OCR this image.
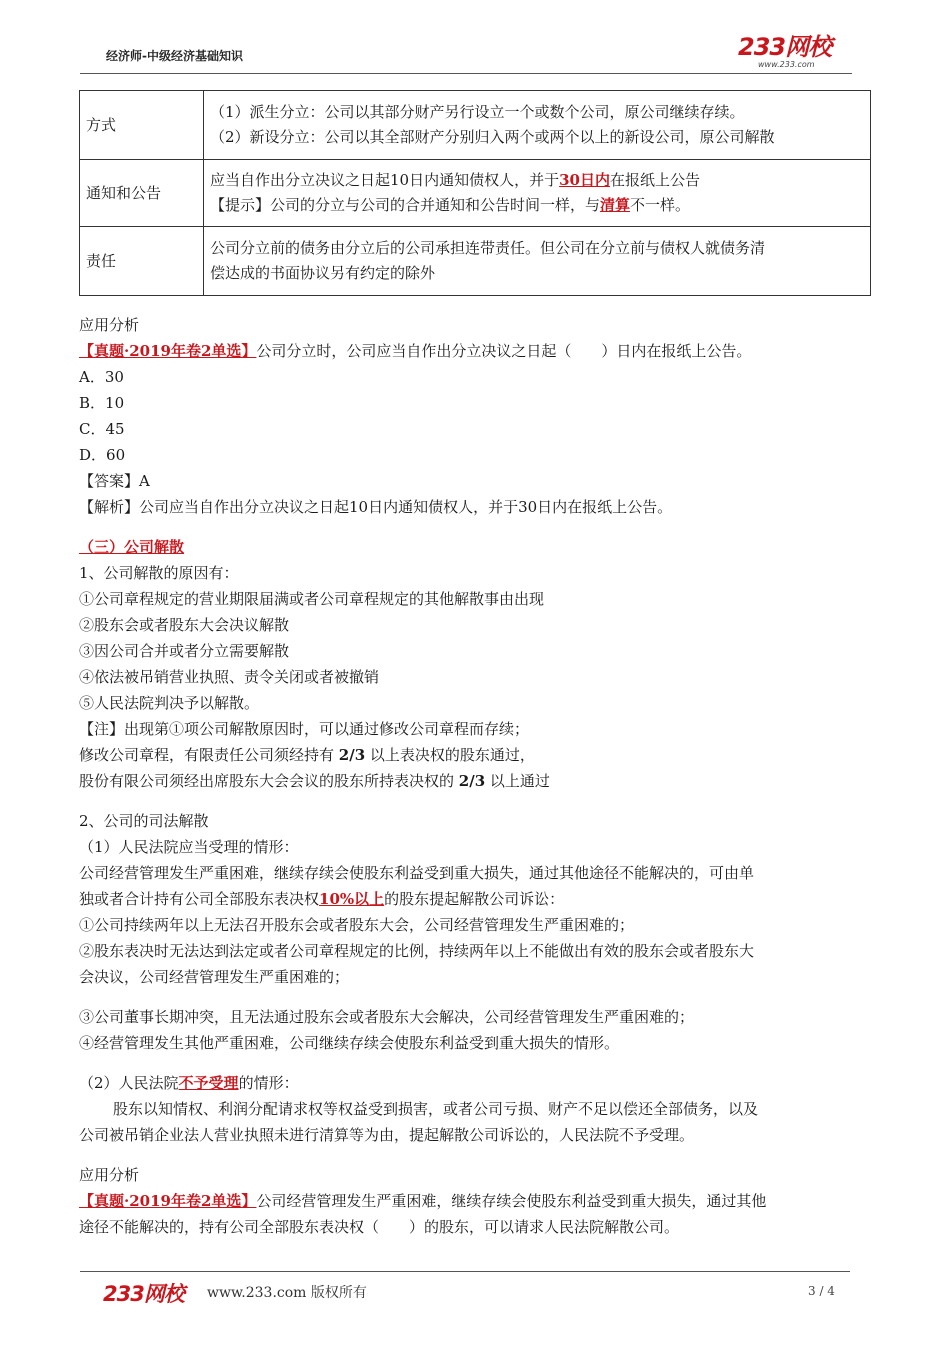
经济师-中级经济基础知识	233网校
www.233.com
方式	（1）派生分立：公司以其部分财产另行设立一个或数个公司，原公司继续存续。
（2）新设分立：公司以其全部财产分别归入两个或两个以上的新设公司，原公司解散

通知和公告	应当自作出分立决议之日起10日内通知债权人，并于30日内在报纸上公告
【提示】公司的分立与公司的合并通知和公告时间一样，与清算不一样。

责任	公司分立前的债务由分立后的公司承担连带责任。但公司在分立前与债权人就债务清
偿达成的书面协议另有约定的除外
应用分析
【真题·2019年卷2单选】公司分立时，公司应当自作出分立决议之日起（　　）日内在报纸上公告。
A．30
B．10
C．45
D．60
【答案】A
【解析】公司应当自作出分立决议之日起10日内通知债权人，并于30日内在报纸上公告。
（三）公司解散
1、公司解散的原因有：
①公司章程规定的营业期限届满或者公司章程规定的其他解散事由出现
②股东会或者股东大会决议解散
③因公司合并或者分立需要解散
④依法被吊销营业执照、责令关闭或者被撤销
⑤人民法院判决予以解散。
【注】出现第①项公司解散原因时，可以通过修改公司章程而存续；
修改公司章程，有限责任公司须经持有 2/3 以上表决权的股东通过，
股份有限公司须经出席股东大会会议的股东所持表决权的 2/3 以上通过
2、公司的司法解散
（1）人民法院应当受理的情形：
公司经营管理发生严重困难，继续存续会使股东利益受到重大损失，通过其他途径不能解决的，可由单
独或者合计持有公司全部股东表决权10%以上的股东提起解散公司诉讼：
①公司持续两年以上无法召开股东会或者股东大会，公司经营管理发生严重困难的；
②股东表决时无法达到法定或者公司章程规定的比例，持续两年以上不能做出有效的股东会或者股东大
会决议，公司经营管理发生严重困难的；
③公司董事长期冲突，且无法通过股东会或者股东大会解决，公司经营管理发生严重困难的；
④经营管理发生其他严重困难，公司继续存续会使股东利益受到重大损失的情形。
（2）人民法院不予受理的情形：
股东以知情权、利润分配请求权等权益受到损害，或者公司亏损、财产不足以偿还全部债务，以及
公司被吊销企业法人营业执照未进行清算等为由，提起解散公司诉讼的，人民法院不予受理。
应用分析
【真题·2019年卷2单选】公司经营管理发生严重困难，继续存续会使股东利益受到重大损失，通过其他
途径不能解决的，持有公司全部股东表决权（　　）的股东，可以请求人民法院解散公司。
233网校 www.233.com 版权所有	3 / 4
